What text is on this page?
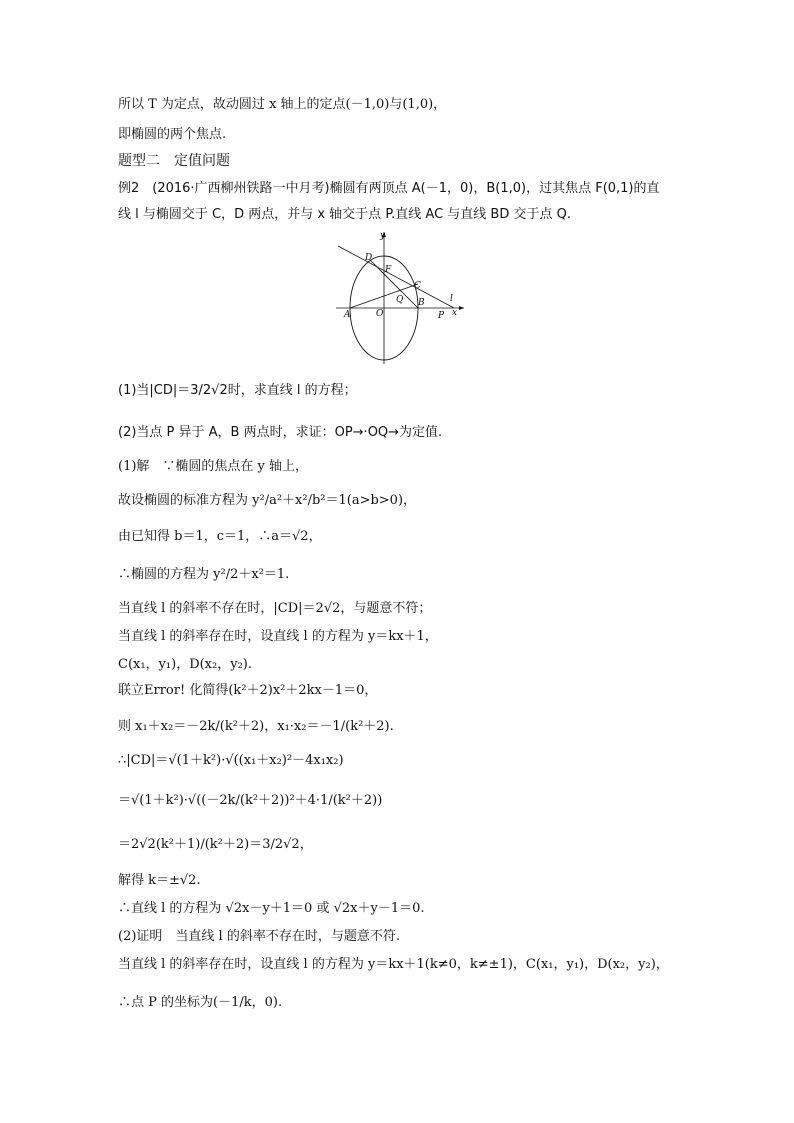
所以 T 为定点，故动圆过 x 轴上的定点(－1,0)与(1,0)，
即椭圆的两个焦点.
题型二　定值问题
例2　(2016·广西柳州铁路一中月考)椭圆有两顶点 A(－1，0)，B(1,0)，过其焦点 F(0,1)的直
线 l 与椭圆交于 C，D 两点，并与 x 轴交于点 P.直线 AC 与直线 BD 交于点 Q.
y
D
F
C
Q B	l
A	O	P x
(1)当|CD|＝3/2√2时，求直线 l 的方程；
(2)当点 P 异于 A，B 两点时，求证：OP→·OQ→为定值.
(1)解　∵椭圆的焦点在 y 轴上，
故设椭圆的标准方程为 y²/a²＋x²/b²＝1(a>b>0)，
由已知得 b＝1，c＝1，∴a＝√2，
∴椭圆的方程为 y²/2＋x²＝1.
当直线 l 的斜率不存在时，|CD|＝2√2，与题意不符；
当直线 l 的斜率存在时，设直线 l 的方程为 y＝kx＋1，
C(x₁，y₁)，D(x₂，y₂).
联立Error! 化简得(k²＋2)x²＋2kx－1＝0，
则 x₁＋x₂＝－2k/(k²＋2)，x₁·x₂＝－1/(k²＋2).
∴|CD|＝√(1＋k²)·√((x₁＋x₂)²－4x₁x₂)
＝√(1＋k²)·√((－2k/(k²＋2))²＋4·1/(k²＋2))
＝2√2(k²＋1)/(k²＋2)＝3/2√2，
解得 k＝±√2.
∴直线 l 的方程为 √2x－y＋1＝0 或 √2x＋y－1＝0.
(2)证明　当直线 l 的斜率不存在时，与题意不符.
当直线 l 的斜率存在时，设直线 l 的方程为 y＝kx＋1(k≠0，k≠±1)，C(x₁，y₁)，D(x₂，y₂)，
∴点 P 的坐标为(－1/k，0).
